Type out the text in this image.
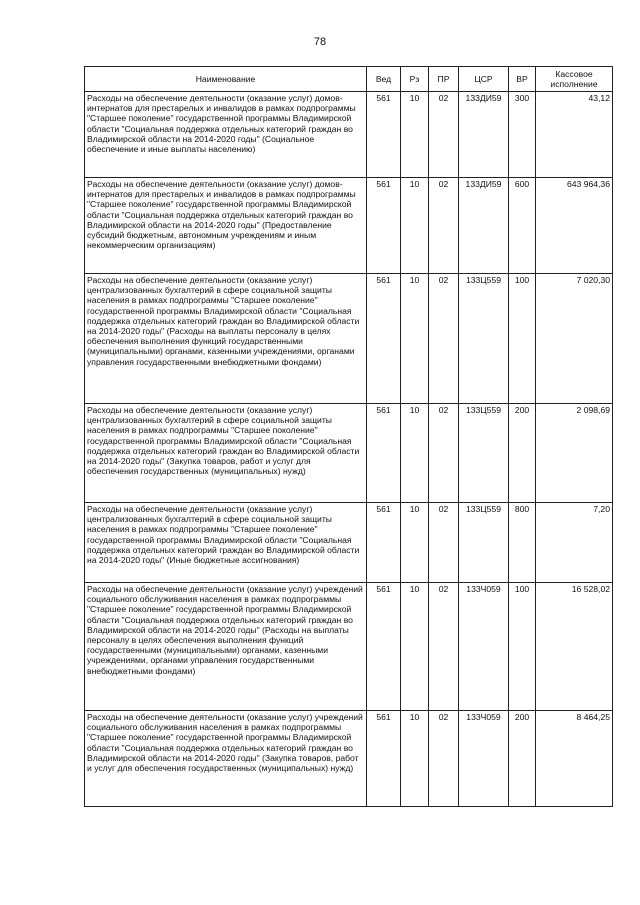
78
Наименование	Вед	Рз	ПР	ЦСР	ВР	Кассовое исполнение
Расходы на обеспечение деятельности (оказание услуг) домов-интернатов для престарелых и инвалидов в рамках подпрограммы "Старшее поколение" государственной программы Владимирской области "Социальная поддержка отдельных категорий граждан во Владимирской области на 2014-2020 годы" (Социальное обеспечение и иные выплаты населению)	561	10	02	133ДИ59	300	43,12
Расходы на обеспечение деятельности (оказание услуг) домов-интернатов для престарелых и инвалидов в рамках подпрограммы "Старшее поколение" государственной программы Владимирской области "Социальная поддержка отдельных категорий граждан во Владимирской области на 2014-2020 годы" (Предоставление субсидий бюджетным, автономным учреждениям и иным некоммерческим организациям)	561	10	02	133ДИ59	600	643 964,36
Расходы на обеспечение деятельности (оказание услуг) централизованных бухгалтерий в сфере социальной защиты населения в рамках подпрограммы "Старшее поколение" государственной программы Владимирской области "Социальная поддержка отдельных категорий граждан во Владимирской области на 2014-2020 годы" (Расходы на выплаты персоналу в целях обеспечения выполнения функций государственными (муниципальными) органами, казенными учреждениями, органами управления государственными внебюджетными фондами)	561	10	02	133Ц559	100	7 020,30
Расходы на обеспечение деятельности (оказание услуг) централизованных бухгалтерий в сфере социальной защиты населения в рамках подпрограммы "Старшее поколение" государственной программы Владимирской области "Социальная поддержка отдельных категорий граждан во Владимирской области на 2014-2020 годы" (Закупка товаров, работ и услуг для обеспечения государственных (муниципальных) нужд)	561	10	02	133Ц559	200	2 098,69
Расходы на обеспечение деятельности (оказание услуг) централизованных бухгалтерий в сфере социальной защиты населения в рамках подпрограммы "Старшее поколение" государственной программы Владимирской области "Социальная поддержка отдельных категорий граждан во Владимирской области на 2014-2020 годы" (Иные бюджетные ассигнования)	561	10	02	133Ц559	800	7,20
Расходы на обеспечение деятельности (оказание услуг) учреждений социального обслуживания населения в рамках подпрограммы "Старшее поколение" государственной программы Владимирской области "Социальная поддержка отдельных категорий граждан во Владимирской области на 2014-2020 годы" (Расходы на выплаты персоналу в целях обеспечения выполнения функций государственными (муниципальными) органами, казенными учреждениями, органами управления государственными внебюджетными фондами)	561	10	02	133Ч059	100	16 528,02
Расходы на обеспечение деятельности (оказание услуг) учреждений социального обслуживания населения в рамках подпрограммы "Старшее поколение" государственной программы Владимирской области "Социальная поддержка отдельных категорий граждан во Владимирской области на 2014-2020 годы" (Закупка товаров, работ и услуг для обеспечения государственных (муниципальных) нужд)	561	10	02	133Ч059	200	8 464,25
